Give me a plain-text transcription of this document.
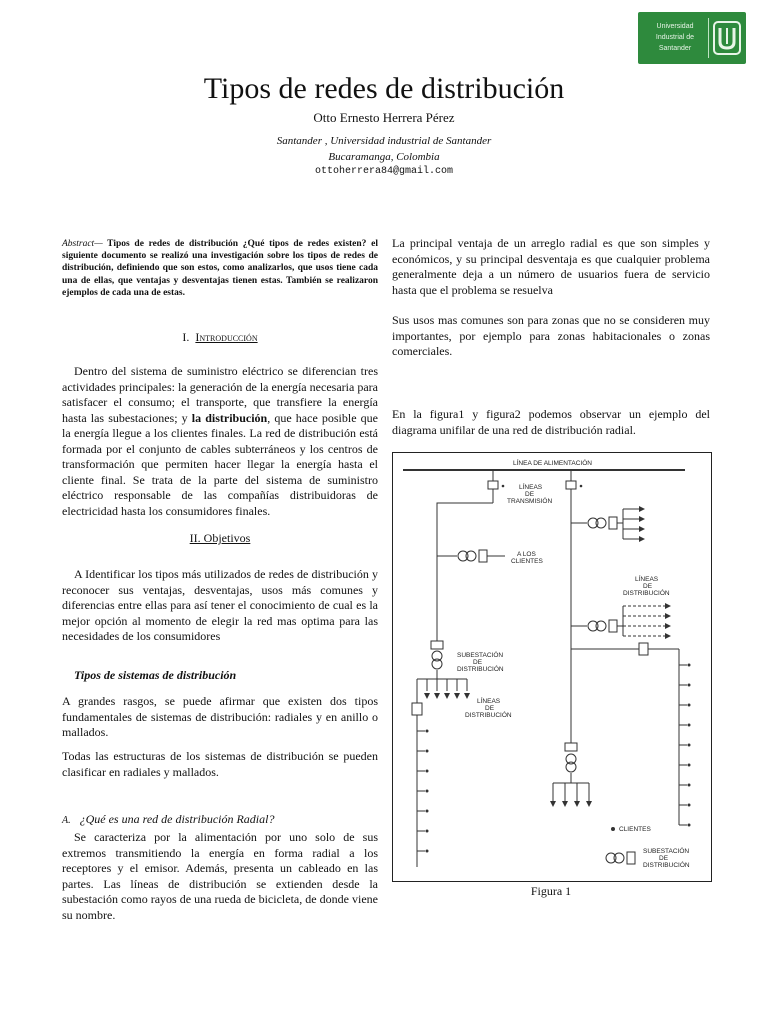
Universidad
Industrial de
Santander
Tipos de redes de distribución
Otto Ernesto Herrera Pérez
Santander , Universidad industrial de Santander
Bucaramanga, Colombia
ottoherrera84@gmail.com
Abstract— Tipos de redes de distribución ¿Qué tipos de redes existen? el siguiente documento se realizó una investigación sobre los tipos de redes de distribución, definiendo que son estos, como analizarlos, que usos tiene cada una de ellas, que ventajas y desventajas tienen estas. También se realizaron ejemplos de cada una de estas.
I. Introducción
Dentro del sistema de suministro eléctrico se diferencian tres actividades principales: la generación de la energía necesaria para satisfacer el consumo; el transporte, que transfiere la energía hasta las subestaciones; y la distribución, que hace posible que la energía llegue a los clientes finales. La red de distribución está formada por el conjunto de cables subterráneos y los centros de transformación que permiten hacer llegar la energía hasta el cliente final. Se trata de la parte del sistema de suministro eléctrico responsable de las compañías distribuidoras de electricidad hasta los consumidores finales.
II. Objetivos
A Identificar los tipos más utilizados de redes de distribución y reconocer sus ventajas, desventajas, usos más comunes y diferencias entre ellas para así tener el conocimiento de cual es la mejor opción al momento de elegir la red mas optima para las necesidades de los consumidores
Tipos de sistemas de distribución
A grandes rasgos, se puede afirmar que existen dos tipos fundamentales de sistemas de distribución: radiales y en anillo o mallados.
Todas las estructuras de los sistemas de distribución se pueden clasificar en radiales y mallados.
A. ¿Qué es una red de distribución Radial?
Se caracteriza por la alimentación por uno solo de sus extremos transmitiendo la energía en forma radial a los receptores y el emisor. Además, presenta un cableado en las partes. Las líneas de distribución se extienden desde la subestación como rayos de una rueda de bicicleta, de donde viene su nombre.
La principal ventaja de un arreglo radial es que son simples y económicos, y su principal desventaja es que cualquier problema generalmente deja a un número de usuarios fuera de servicio hasta que el problema se resuelva
Sus usos mas comunes son para zonas que no se consideren muy importantes, por ejemplo para zonas habitacionales o zonas comerciales.
En la figura1 y figura2 podemos observar un ejemplo del diagrama unifilar de una red de distribución radial.
LÍNEA DE ALIMENTACIÓN
LÍNEAS
DE
TRANSMISIÓN
A LOS
CLIENTES
LÍNEAS
DE
DISTRIBUCIÓN
SUBESTACIÓN
DE
DISTRIBUCIÓN
LÍNEAS
DE
DISTRIBUCIÓN
CLIENTES
SUBESTACIÓN
DE
DISTRIBUCIÓN
Figura 1
